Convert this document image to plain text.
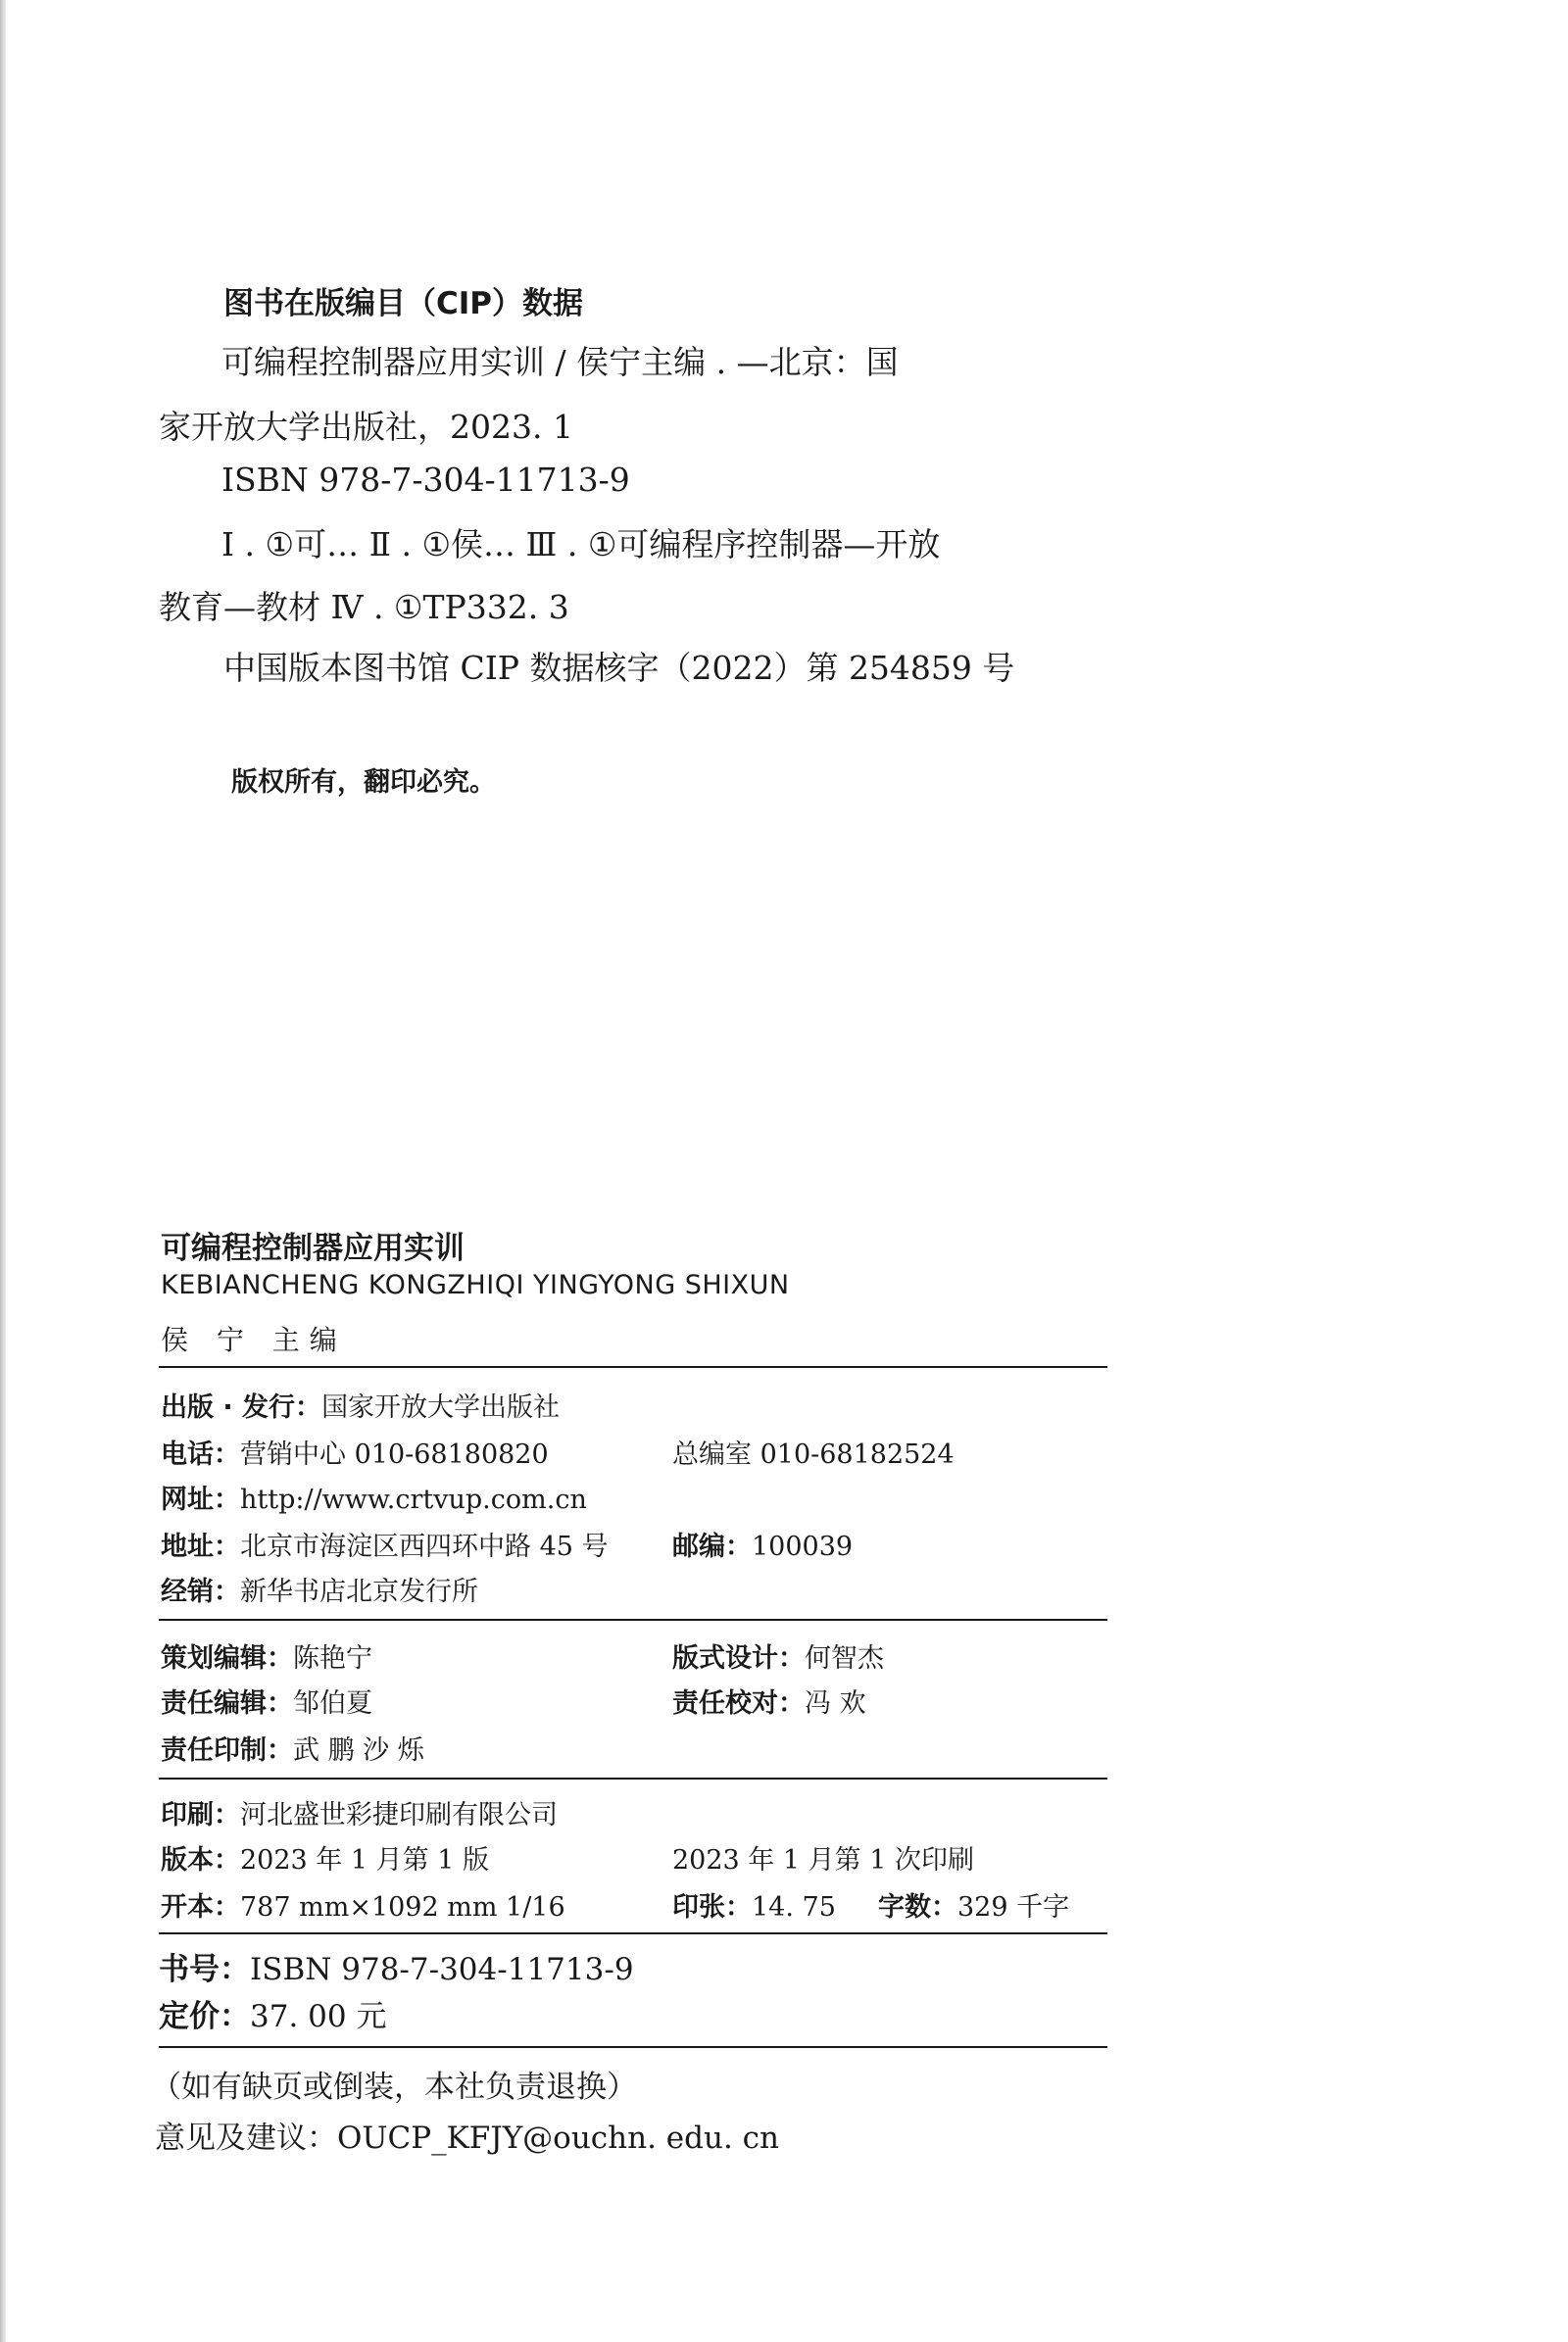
图书在版编目（CIP）数据
可编程控制器应用实训 / 侯宁主编 . —北京：国
家开放大学出版社，2023. 1
ISBN 978-7-304-11713-9
Ⅰ . ①可… Ⅱ . ①侯… Ⅲ . ①可编程序控制器—开放
教育—教材 Ⅳ . ①TP332. 3
中国版本图书馆 CIP 数据核字（2022）第 254859 号
版权所有，翻印必究。
可编程控制器应用实训
KEBIANCHENG KONGZHIQI YINGYONG SHIXUN
侯 宁 主编
出版 · 发行：国家开放大学出版社
电话：营销中心 010-68180820	总编室 010-68182524
网址：http://www.crtvup.com.cn
地址：北京市海淀区西四环中路 45 号 邮编：100039
经销：新华书店北京发行所
策划编辑：陈艳宁	版式设计：何智杰
责任编辑：邹伯夏	责任校对：冯 欢
责任印制：武 鹏 沙 烁
印刷：河北盛世彩捷印刷有限公司
版本：2023 年 1 月第 1 版	2023 年 1 月第 1 次印刷
开本：787 mm×1092 mm 1/16	印张：14. 75 字数：329 千字
书号：ISBN 978-7-304-11713-9
定价：37. 00 元
（如有缺页或倒装，本社负责退换）
意见及建议：OUCP_KFJY@ouchn. edu. cn
